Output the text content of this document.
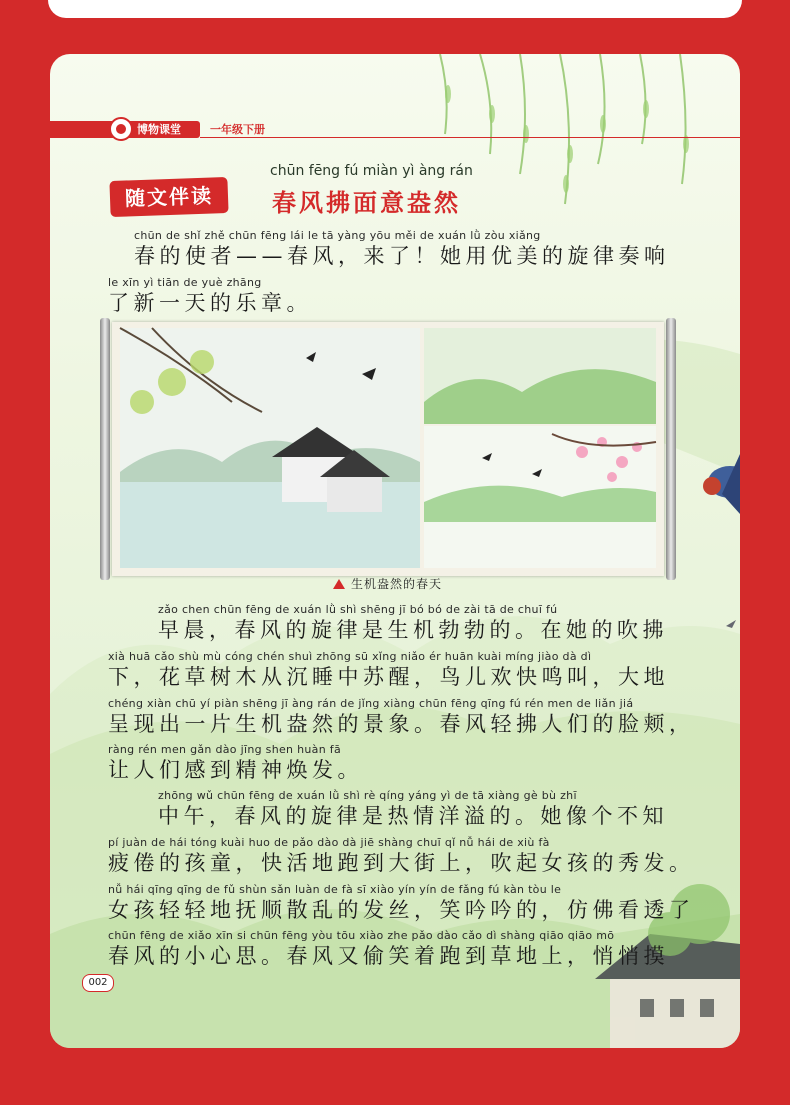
博物课堂	一年级下册
随文伴读
chūn fēng fú miàn yì àng rán
春风拂面意盎然
chūn de shǐ zhě chūn fēng lái le tā yàng yōu měi de xuán lǜ zòu xiǎng
春的使者——春风，来了！她用优美的旋律奏响
le xīn yì tiān de yuè zhāng
了新一天的乐章。
生机盎然的春天
zǎo chen chūn fēng de xuán lǜ shì shēng jī bó bó de zài tā de chuī fú
早晨，春风的旋律是生机勃勃的。在她的吹拂
xià huā cǎo shù mù cóng chén shuì zhōng sū xǐng niǎo ér huān kuài míng jiào dà dì
下，花草树木从沉睡中苏醒，鸟儿欢快鸣叫，大地
chéng xiàn chū yí piàn shēng jī àng rán de jǐng xiàng chūn fēng qīng fú rén men de liǎn jiá
呈现出一片生机盎然的景象。春风轻拂人们的脸颊，
ràng rén men gǎn dào jīng shen huàn fā
让人们感到精神焕发。
zhōng wǔ chūn fēng de xuán lǜ shì rè qíng yáng yì de tā xiàng gè bù zhī
中午，春风的旋律是热情洋溢的。她像个不知
pí juàn de hái tóng kuài huo de pǎo dào dà jiē shàng chuī qǐ nǚ hái de xiù fà
疲倦的孩童，快活地跑到大街上，吹起女孩的秀发。
nǚ hái qīng qīng de fǔ shùn sǎn luàn de fà sī xiào yín yín de fǎng fú kàn tòu le
女孩轻轻地抚顺散乱的发丝，笑吟吟的，仿佛看透了
chūn fēng de xiǎo xīn si chūn fēng yòu tōu xiào zhe pǎo dào cǎo dì shàng qiāo qiāo mō
春风的小心思。春风又偷笑着跑到草地上，悄悄摸
002
